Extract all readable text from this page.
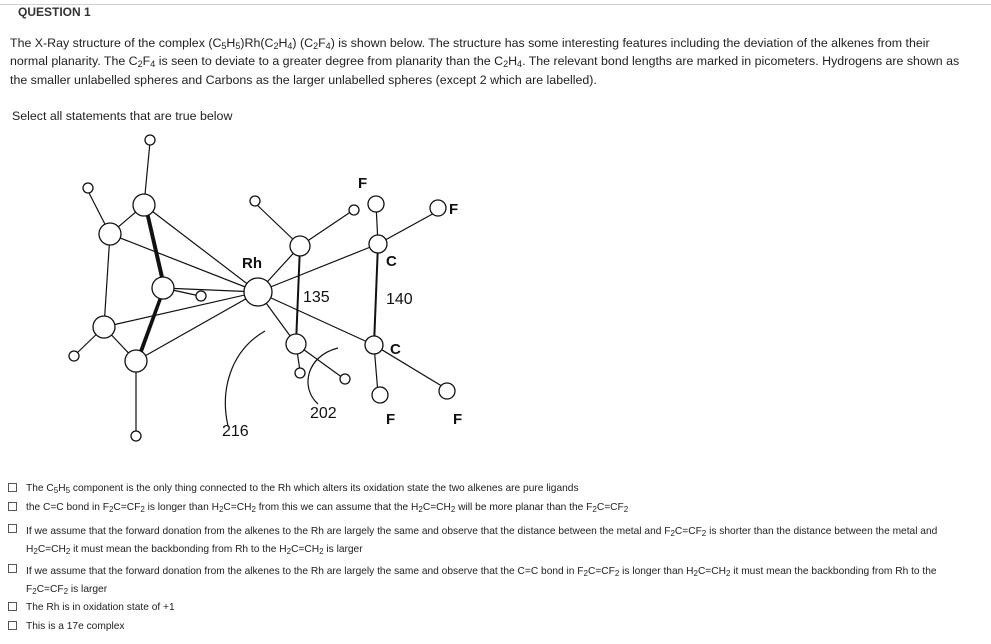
QUESTION 1
The X-Ray structure of the complex $(C_5H_5)Rh(C_2H_4)$ $(C_2F_4)$ is shown below. The structure has some interesting features including the deviation of the alkenes from their normal planarity. The $C_2F_4$ is seen to deviate to a greater degree from planarity than the $C_2H_4$. The relevant bond lengths are marked in picometers. Hydrogens are shown as the smaller unlabelled spheres and Carbons as the larger unlabelled spheres (except 2 which are labelled).
Select all statements that are true below
Rh	C
C
F
F
F	F
135	140
202
216
The $C_5H_5$ component is the only thing connected to the Rh which alters its oxidation state the two alkenes are pure ligands
the C=C bond in $F_2C=CF_2$ is longer than $H_2C=CH_2$ from this we can assume that the $H_2C=CH_2$ will be more planar than the $F_2C=CF_2$
If we assume that the forward donation from the alkenes to the Rh are largely the same and observe that the distance between the metal and $F_2C=CF_2$ is shorter than the distance between the metal and $H_2C=CH_2$ it must mean the backbonding from Rh to the $H_2C=CH_2$ is larger
If we assume that the forward donation from the alkenes to the Rh are largely the same and observe that the C=C bond in $F_2C=CF_2$ is longer than $H_2C=CH_2$ it must mean the backbonding from Rh to the $F_2C=CF_2$ is larger
The Rh is in oxidation state of +1
This is a 17e complex
